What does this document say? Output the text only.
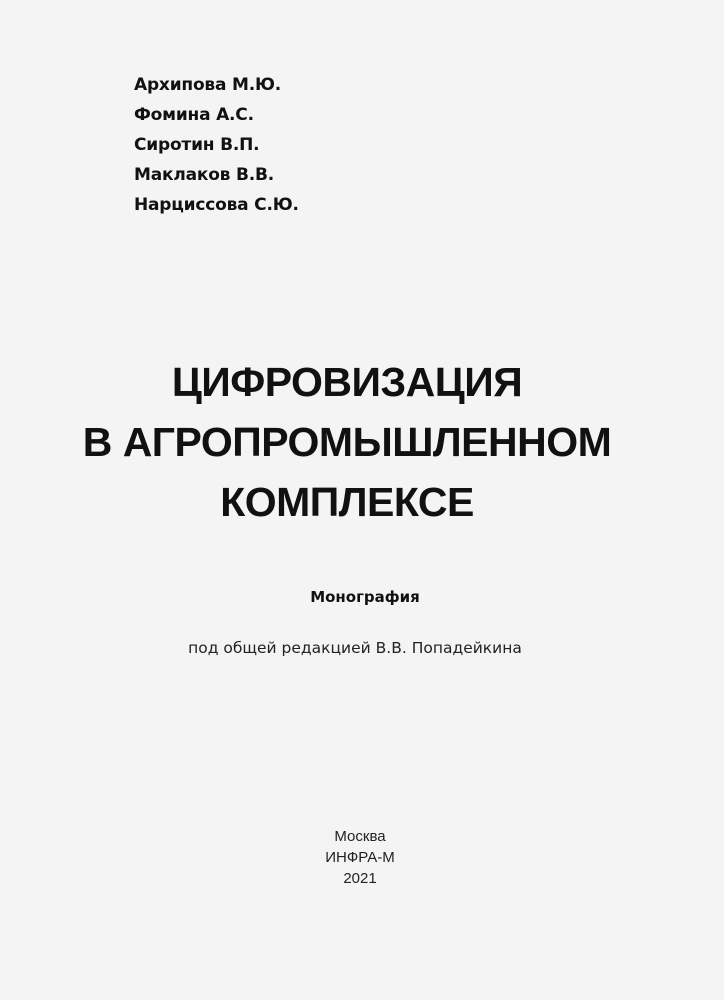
Архипова М.Ю.
Фомина А.С.
Сиротин В.П.
Маклаков В.В.
Нарциссова С.Ю.
ЦИФРОВИЗАЦИЯ
В АГРОПРОМЫШЛЕННОМ
КОМПЛЕКСЕ
Монография
под общей редакцией В.В. Попадейкина
Москва
ИНФРА-М
2021
